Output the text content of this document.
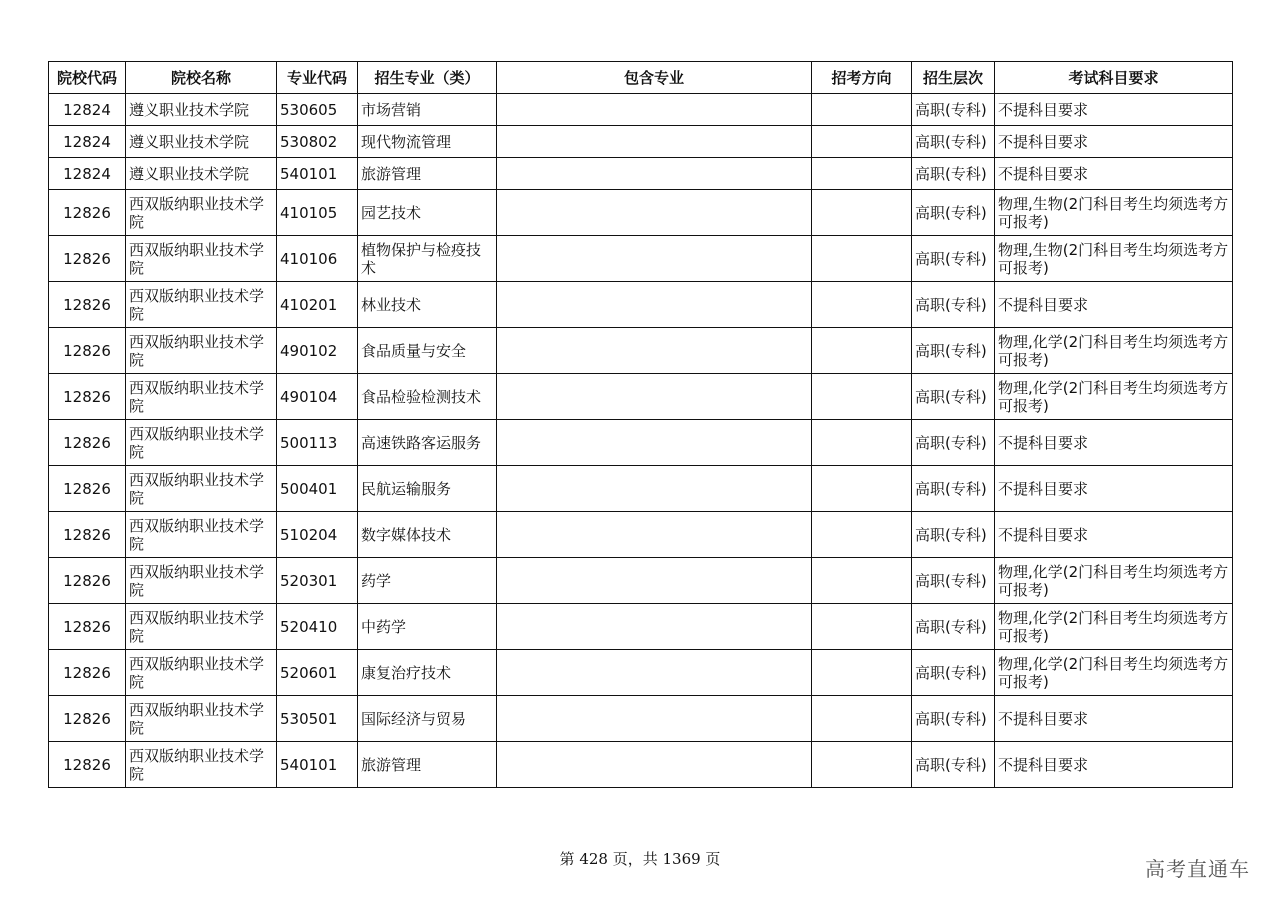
院校代码	院校名称	专业代码	招生专业（类）	包含专业	招考方向	招生层次	考试科目要求
12824	遵义职业技术学院	530605	市场营销			高职(专科)	不提科目要求
12824	遵义职业技术学院	530802	现代物流管理			高职(专科)	不提科目要求
12824	遵义职业技术学院	540101	旅游管理			高职(专科)	不提科目要求
12826	西双版纳职业技术学院	410105	园艺技术			高职(专科)	物理,生物(2门科目考生均须选考方可报考)
12826	西双版纳职业技术学院	410106	植物保护与检疫技术			高职(专科)	物理,生物(2门科目考生均须选考方可报考)
12826	西双版纳职业技术学院	410201	林业技术			高职(专科)	不提科目要求
12826	西双版纳职业技术学院	490102	食品质量与安全			高职(专科)	物理,化学(2门科目考生均须选考方可报考)
12826	西双版纳职业技术学院	490104	食品检验检测技术			高职(专科)	物理,化学(2门科目考生均须选考方可报考)
12826	西双版纳职业技术学院	500113	高速铁路客运服务			高职(专科)	不提科目要求
12826	西双版纳职业技术学院	500401	民航运输服务			高职(专科)	不提科目要求
12826	西双版纳职业技术学院	510204	数字媒体技术			高职(专科)	不提科目要求
12826	西双版纳职业技术学院	520301	药学			高职(专科)	物理,化学(2门科目考生均须选考方可报考)
12826	西双版纳职业技术学院	520410	中药学			高职(专科)	物理,化学(2门科目考生均须选考方可报考)
12826	西双版纳职业技术学院	520601	康复治疗技术			高职(专科)	物理,化学(2门科目考生均须选考方可报考)
12826	西双版纳职业技术学院	530501	国际经济与贸易			高职(专科)	不提科目要求
12826	西双版纳职业技术学院	540101	旅游管理			高职(专科)	不提科目要求
第 428 页，共 1369 页	高考直通车
